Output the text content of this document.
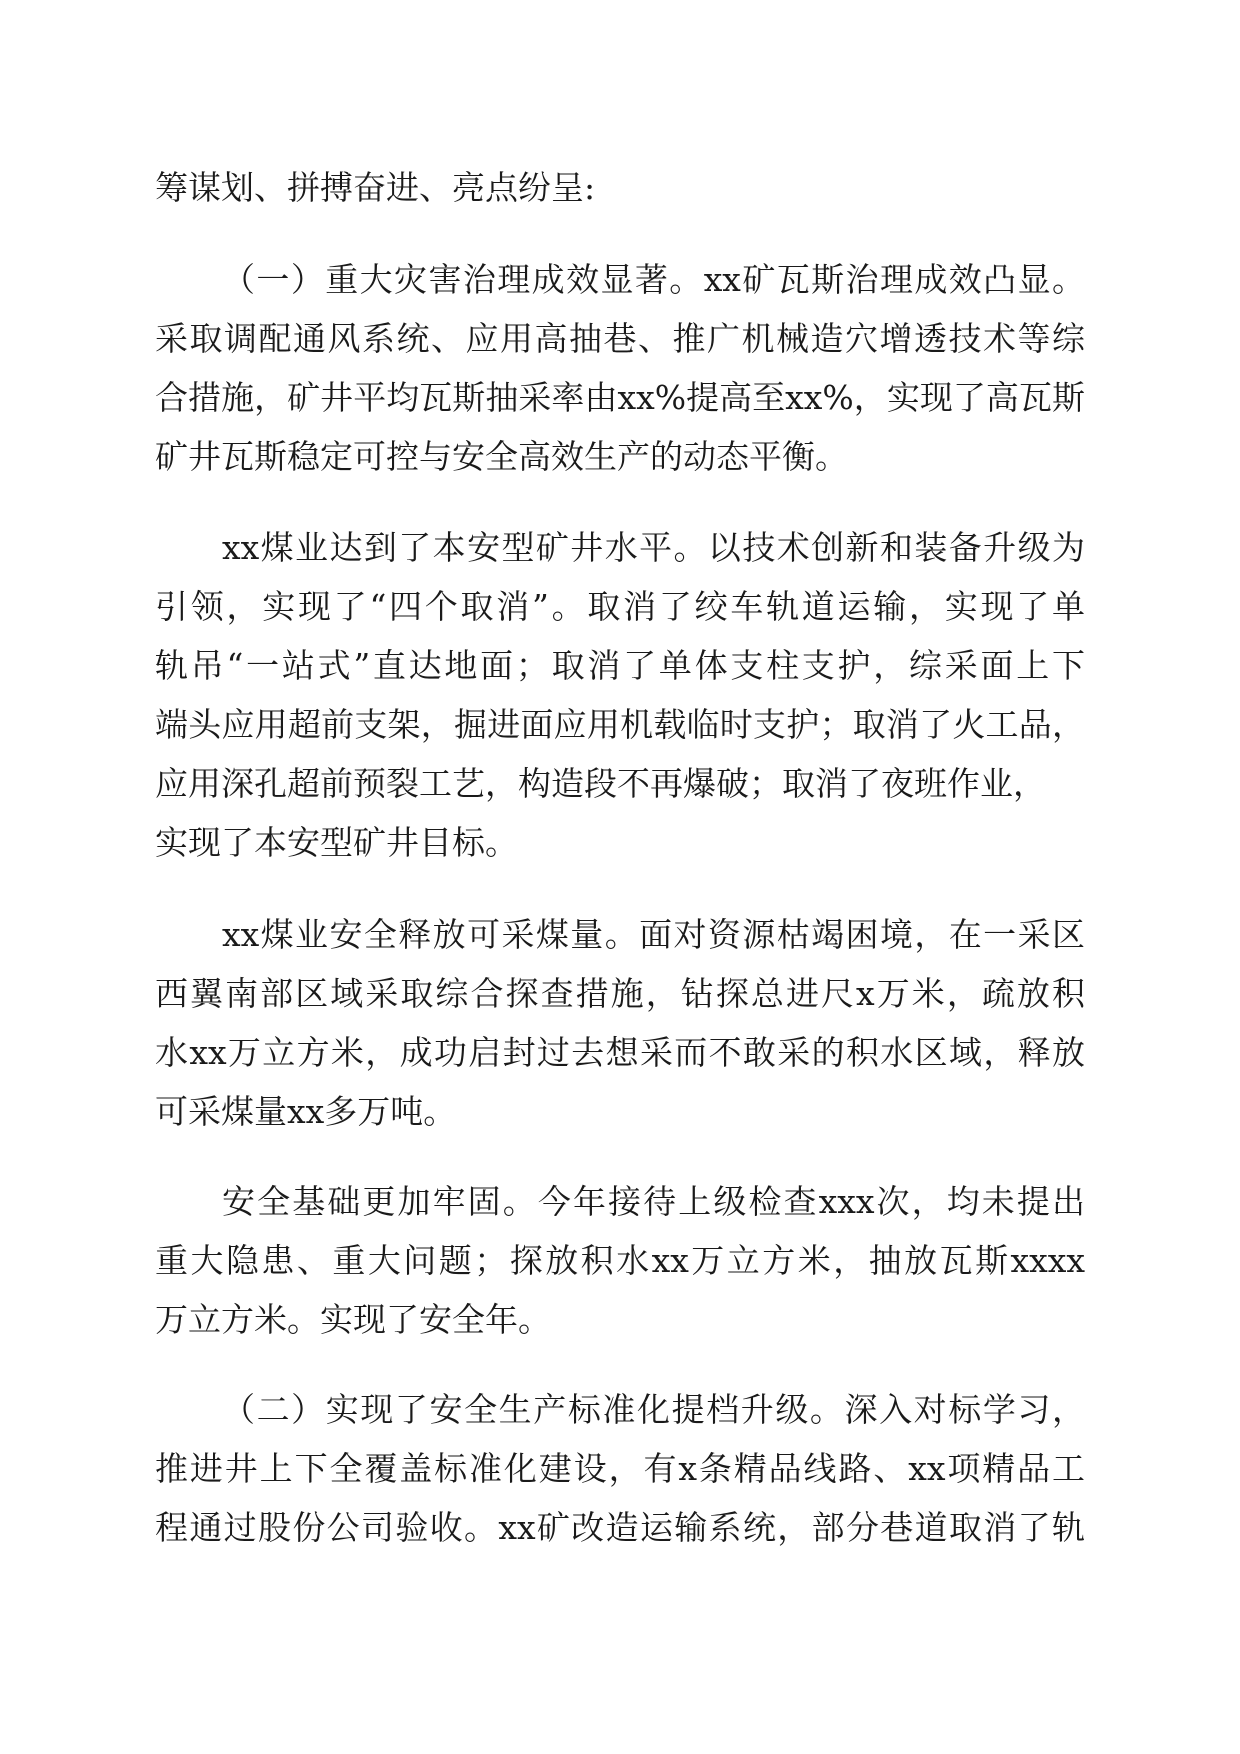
筹谋划、拼搏奋进、亮点纷呈:
（一）重大灾害治理成效显著。xx矿瓦斯治理成效凸显。
采取调配通风系统、应用高抽巷、推广机械造穴增透技术等综
合措施，矿井平均瓦斯抽采率由xx%提高至xx%，实现了高瓦斯
矿井瓦斯稳定可控与安全高效生产的动态平衡。
xx煤业达到了本安型矿井水平。以技术创新和装备升级为
引领，实现了“四个取消”。取消了绞车轨道运输，实现了单
轨吊“一站式”直达地面；取消了单体支柱支护，综采面上下
端头应用超前支架，掘进面应用机载临时支护；取消了火工品，
应用深孔超前预裂工艺，构造段不再爆破；取消了夜班作业，
实现了本安型矿井目标。
xx煤业安全释放可采煤量。面对资源枯竭困境，在一采区
西翼南部区域采取综合探查措施，钻探总进尺x万米，疏放积
水xx万立方米，成功启封过去想采而不敢采的积水区域，释放
可采煤量xx多万吨。
安全基础更加牢固。今年接待上级检查xxx次，均未提出
重大隐患、重大问题；探放积水xx万立方米，抽放瓦斯xxxx
万立方米。实现了安全年。
（二）实现了安全生产标准化提档升级。深入对标学习，
推进井上下全覆盖标准化建设，有x条精品线路、xx项精品工
程通过股份公司验收。xx矿改造运输系统，部分巷道取消了轨
